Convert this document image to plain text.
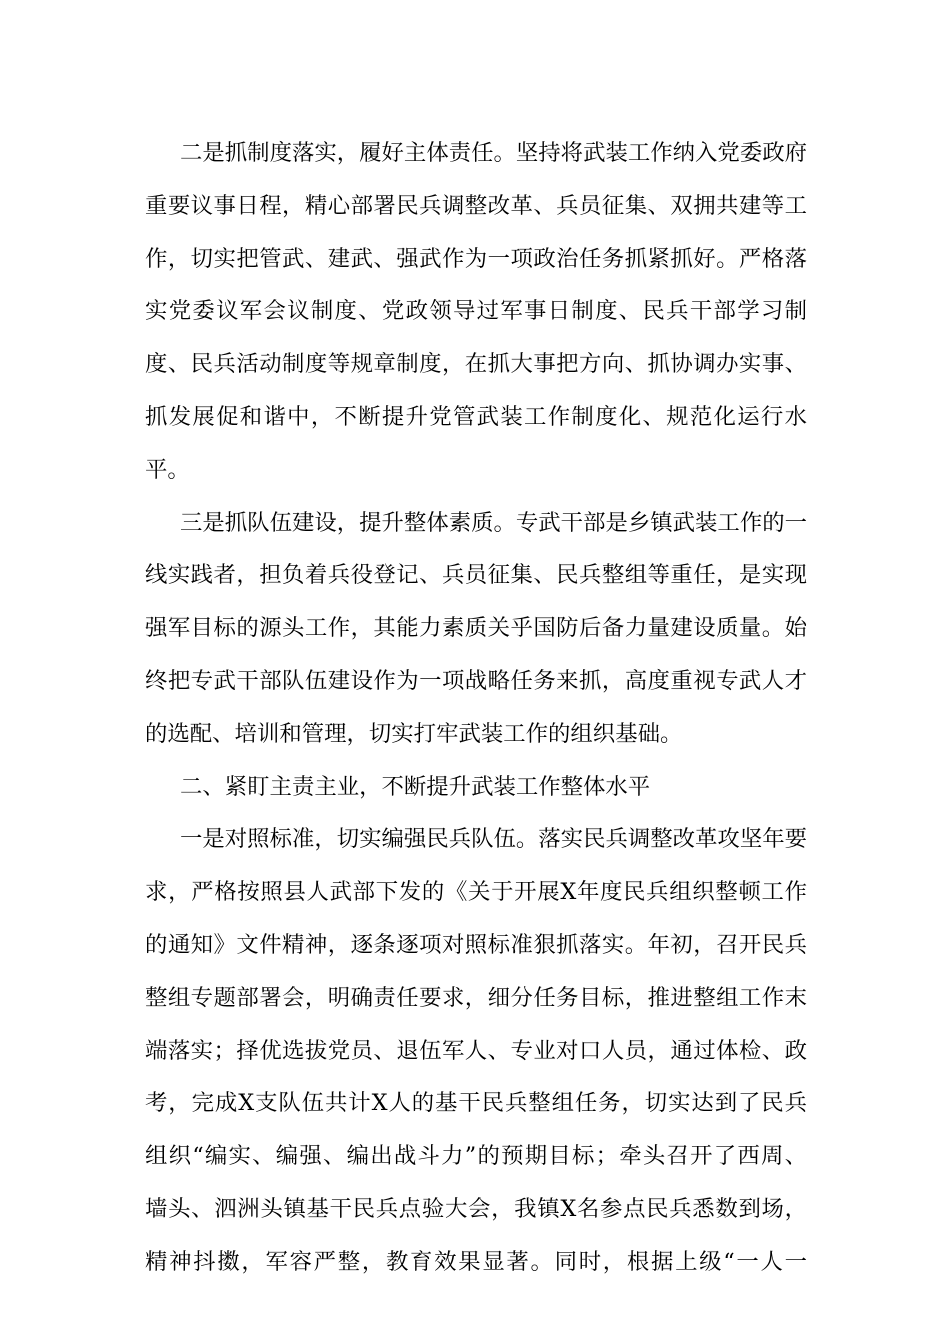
二是抓制度落实，履好主体责任。坚持将武装工作纳入党委政府
重要议事日程，精心部署民兵调整改革、兵员征集、双拥共建等工
作，切实把管武、建武、强武作为一项政治任务抓紧抓好。严格落
实党委议军会议制度、党政领导过军事日制度、民兵干部学习制
度、民兵活动制度等规章制度，在抓大事把方向、抓协调办实事、
抓发展促和谐中，不断提升党管武装工作制度化、规范化运行水
平。
三是抓队伍建设，提升整体素质。专武干部是乡镇武装工作的一
线实践者，担负着兵役登记、兵员征集、民兵整组等重任，是实现
强军目标的源头工作，其能力素质关乎国防后备力量建设质量。始
终把专武干部队伍建设作为一项战略任务来抓，高度重视专武人才
的选配、培训和管理，切实打牢武装工作的组织基础。
二、紧盯主责主业，不断提升武装工作整体水平
一是对照标准，切实编强民兵队伍。落实民兵调整改革攻坚年要
求，严格按照县人武部下发的《关于开展X年度民兵组织整顿工作
的通知》文件精神，逐条逐项对照标准狠抓落实。年初，召开民兵
整组专题部署会，明确责任要求，细分任务目标，推进整组工作末
端落实；择优选拔党员、退伍军人、专业对口人员，通过体检、政
考，完成X支队伍共计X人的基干民兵整组任务，切实达到了民兵
组织“编实、编强、编出战斗力”的预期目标；牵头召开了西周、
墙头、泗洲头镇基干民兵点验大会，我镇X名参点民兵悉数到场，
精神抖擞，军容严整，教育效果显著。同时，根据上级“一人一
